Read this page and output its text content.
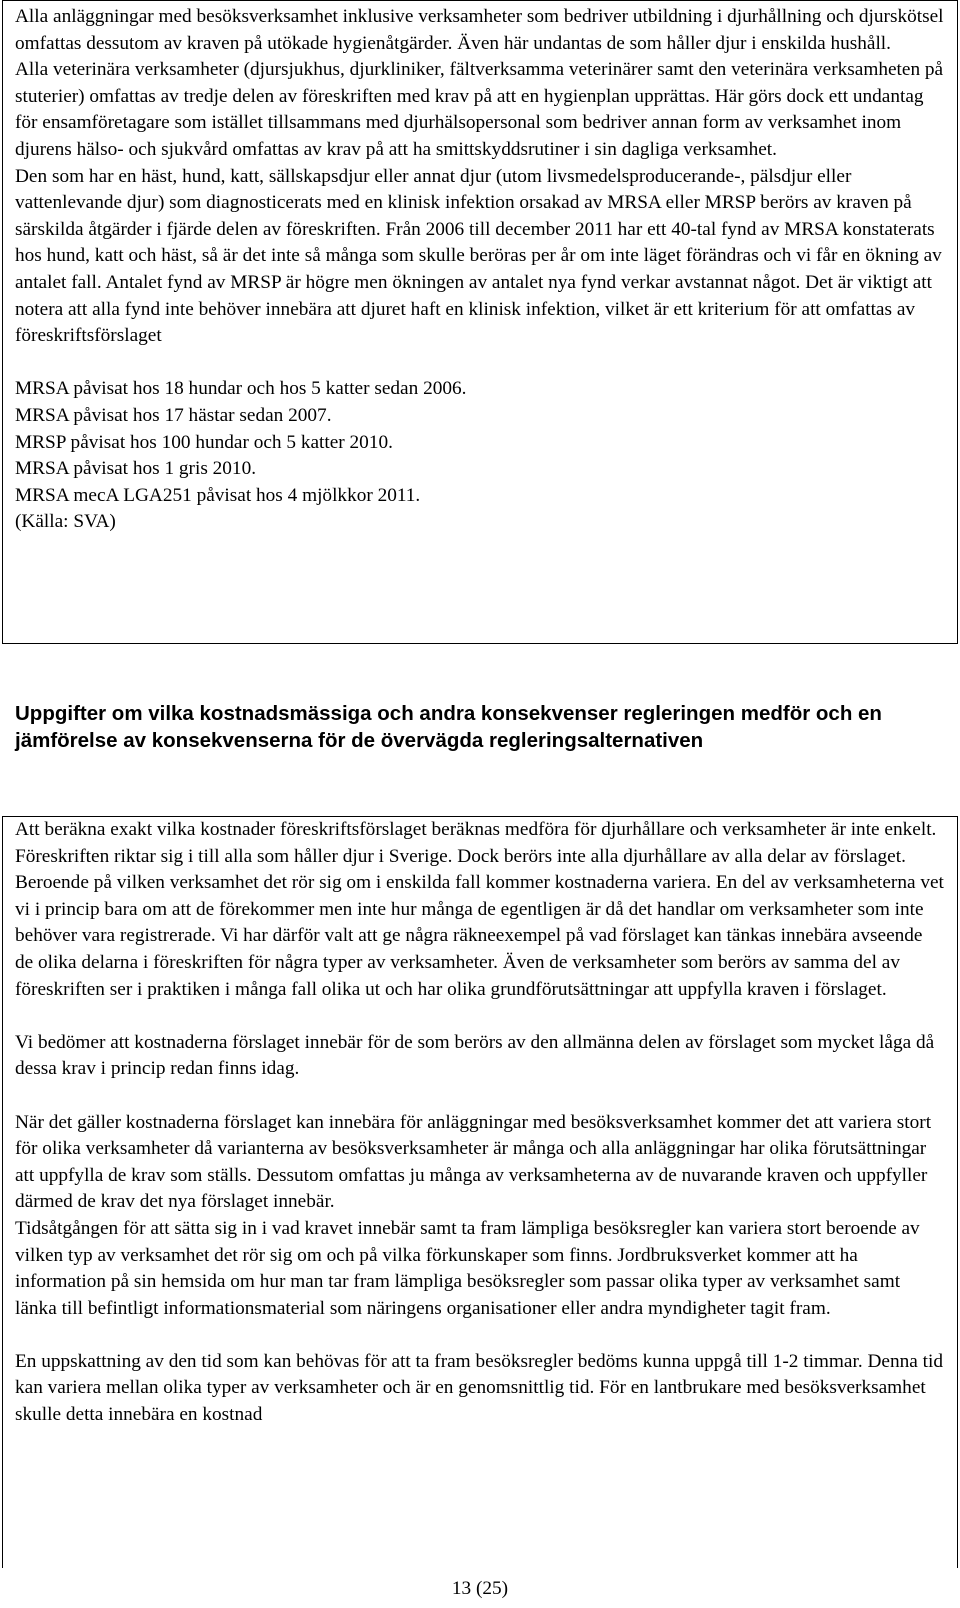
Alla anläggningar med besöksverksamhet inklusive verksamheter som bedriver utbildning i djurhållning och djurskötsel omfattas dessutom av kraven på utökade hygienåtgärder. Även här undantas de som håller djur i enskilda hushåll.

Alla veterinära verksamheter (djursjukhus, djurkliniker, fältverksamma veterinärer samt den veterinära verksamheten på stuterier) omfattas av tredje delen av föreskriften med krav på att en hygienplan upprättas. Här görs dock ett undantag för ensamföretagare som istället tillsammans med djurhälsopersonal som bedriver annan form av verksamhet inom djurens hälso- och sjukvård omfattas av krav på att ha smittskyddsrutiner i sin dagliga verksamhet.

Den som har en häst, hund, katt, sällskapsdjur eller annat djur (utom livsmedelsproducerande-, pälsdjur eller vattenlevande djur) som diagnosticerats med en klinisk infektion orsakad av MRSA eller MRSP berörs av kraven på särskilda åtgärder i fjärde delen av föreskriften. Från 2006 till december 2011 har ett 40-tal fynd av MRSA konstaterats hos hund, katt och häst, så är det inte så många som skulle beröras per år om inte läget förändras och vi får en ökning av antalet fall. Antalet fynd av MRSP är högre men ökningen av antalet nya fynd verkar avstannat något. Det är viktigt att notera att alla fynd inte behöver innebära att djuret haft en klinisk infektion, vilket är ett kriterium för att omfattas av föreskriftsförslaget

MRSA påvisat hos 18 hundar och hos 5 katter sedan 2006.

MRSA påvisat hos 17 hästar sedan 2007.

MRSP påvisat hos 100 hundar och 5 katter 2010.

MRSA påvisat hos 1 gris 2010.

MRSA mecA LGA251 påvisat hos 4 mjölkkor 2011.

(Källa: SVA)

Uppgifter om vilka kostnadsmässiga och andra konsekvenser regleringen medför och en jämförelse av konsekvenserna för de övervägda regleringsalternativen

Att beräkna exakt vilka kostnader föreskriftsförslaget beräknas medföra för djurhållare och verksamheter är inte enkelt. Föreskriften riktar sig i till alla som håller djur i Sverige. Dock berörs inte alla djurhållare av alla delar av förslaget. Beroende på vilken verksamhet det rör sig om i enskilda fall kommer kostnaderna variera. En del av verksamheterna vet vi i princip bara om att de förekommer men inte hur många de egentligen är då det handlar om verksamheter som inte behöver vara registrerade. Vi har därför valt att ge några räkneexempel på vad förslaget kan tänkas innebära avseende de olika delarna i föreskriften för några typer av verksamheter. Även de verksamheter som berörs av samma del av föreskriften ser i praktiken i många fall olika ut och har olika grundförutsättningar att uppfylla kraven i förslaget.

Vi bedömer att kostnaderna förslaget innebär för de som berörs av den allmänna delen av förslaget som mycket låga då dessa krav i princip redan finns idag.

När det gäller kostnaderna förslaget kan innebära för anläggningar med besöksverksamhet kommer det att variera stort för olika verksamheter då varianterna av besöksverksamheter är många och alla anläggningar har olika förutsättningar att uppfylla de krav som ställs. Dessutom omfattas ju många av verksamheterna av de nuvarande kraven och uppfyller därmed de krav det nya förslaget innebär.

Tidsåtgången för att sätta sig in i vad kravet innebär samt ta fram lämpliga besöksregler kan variera stort beroende av vilken typ av verksamhet det rör sig om och på vilka förkunskaper som finns. Jordbruksverket kommer att ha information på sin hemsida om hur man tar fram lämpliga besöksregler som passar olika typer av verksamhet samt länka till befintligt informationsmaterial som näringens organisationer eller andra myndigheter tagit fram.

En uppskattning av den tid som kan behövas för att ta fram besöksregler bedöms kunna uppgå till 1-2 timmar. Denna tid kan variera mellan olika typer av verksamheter och är en genomsnittlig tid. För en lantbrukare med besöksverksamhet skulle detta innebära en kostnad

13 (25)
